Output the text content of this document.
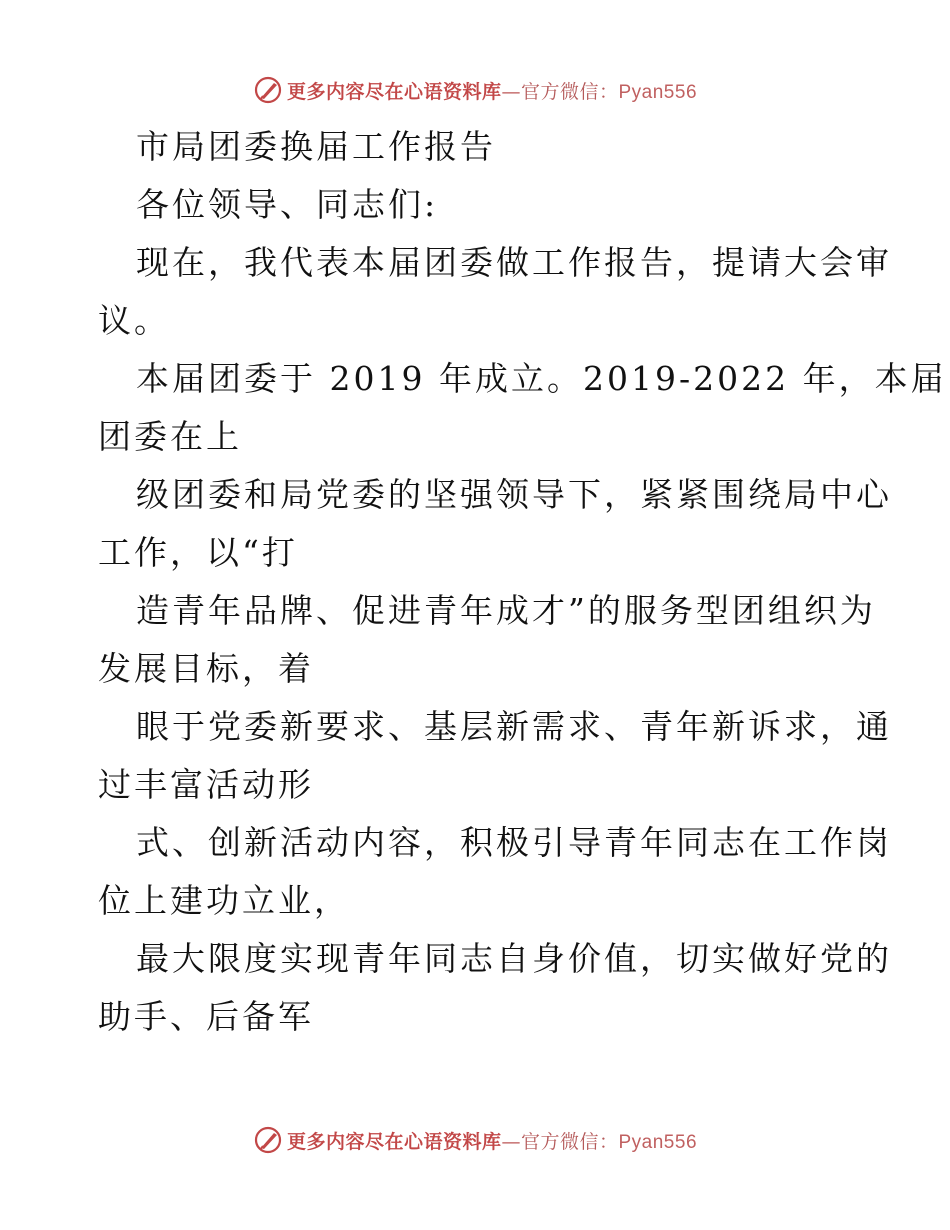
更多内容尽在心语资料库—官方微信：Pyan556
市局团委换届工作报告
各位领导、同志们:
现在，我代表本届团委做工作报告，提请大会审
议。
本届团委于 2019 年成立。2019-2022 年，本届
团委在上
级团委和局党委的坚强领导下，紧紧围绕局中心
工作，以“打
造青年品牌、促进青年成才”的服务型团组织为
发展目标，着
眼于党委新要求、基层新需求、青年新诉求，通
过丰富活动形
式、创新活动内容，积极引导青年同志在工作岗
位上建功立业，
最大限度实现青年同志自身价值，切实做好党的
助手、后备军
更多内容尽在心语资料库—官方微信：Pyan556
